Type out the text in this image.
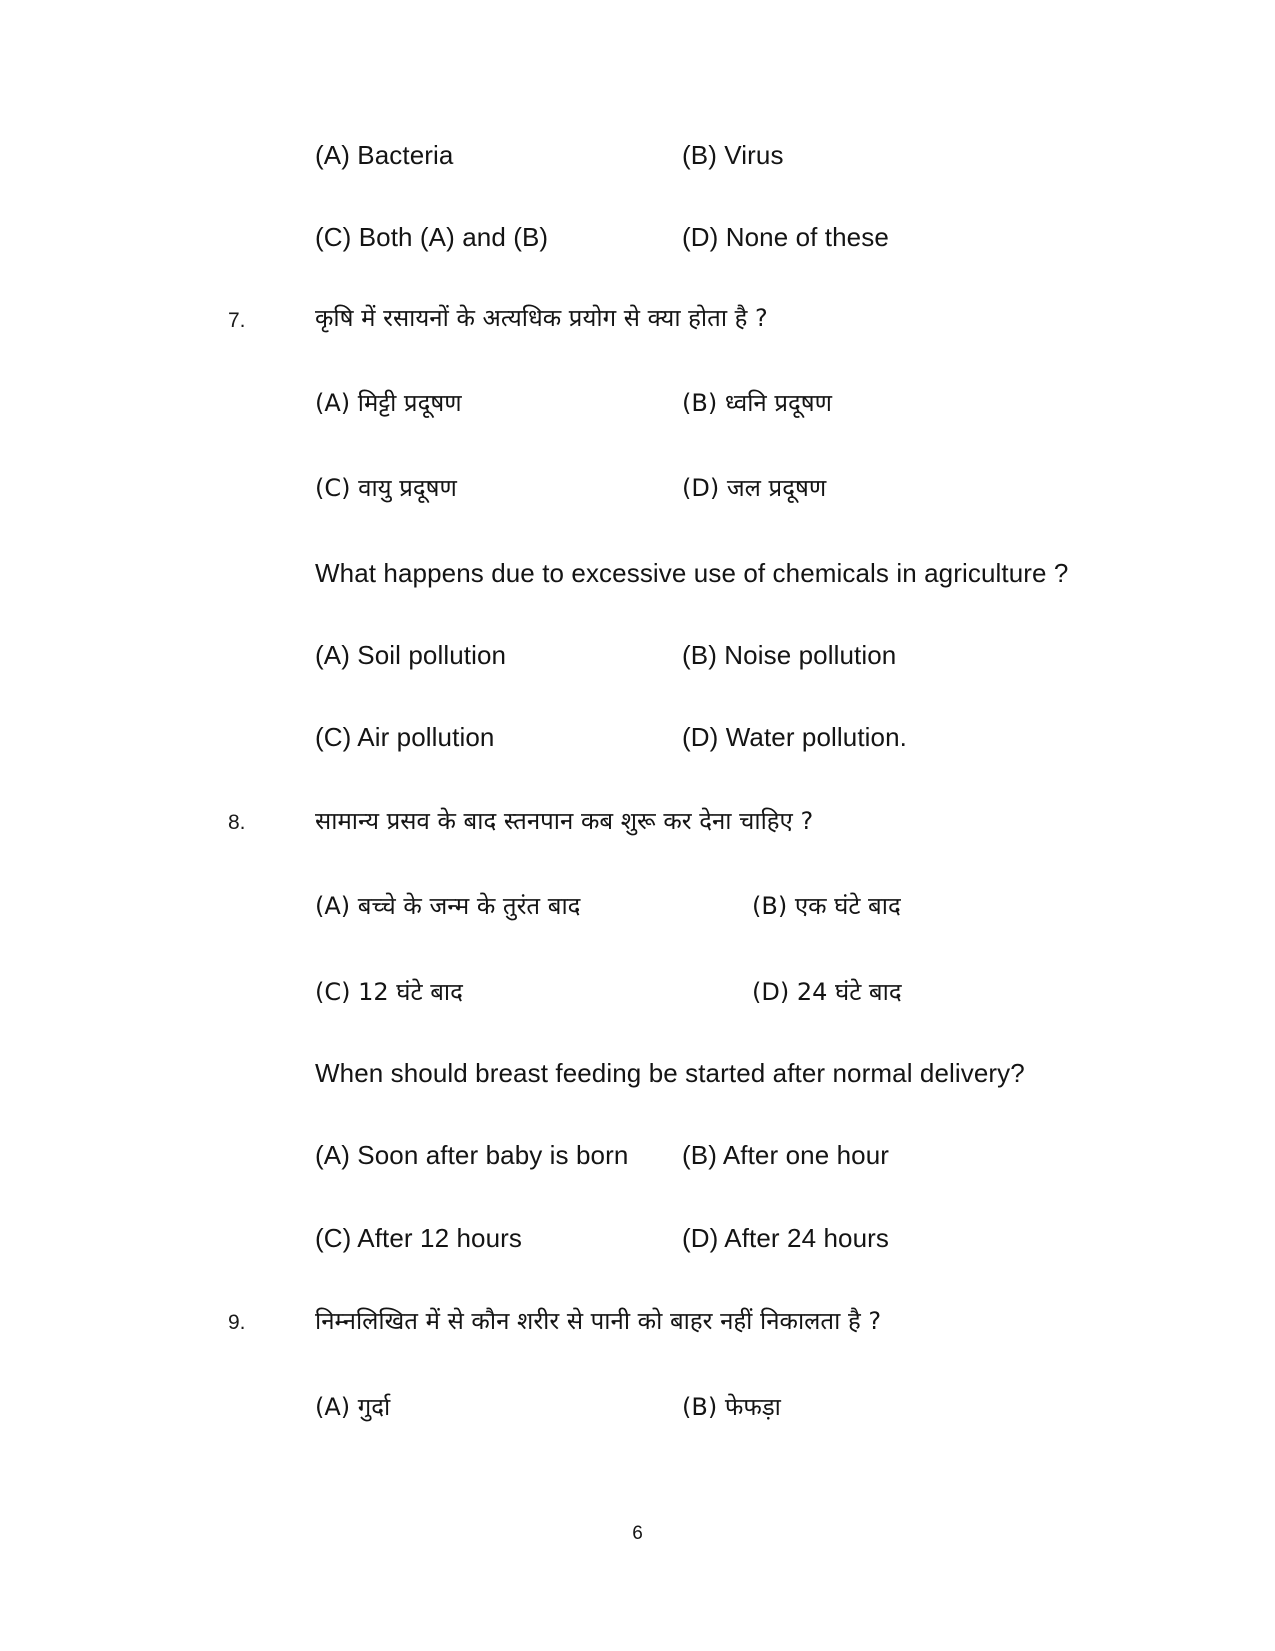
(A) Bacteria	(B) Virus
(C) Both (A) and (B)	(D) None of these
7.	कृषि में रसायनों के अत्यधिक प्रयोग से क्या होता है ?
(A) मिट्टी प्रदूषण	(B) ध्वनि प्रदूषण
(C) वायु प्रदूषण	(D) जल प्रदूषण
What happens due to excessive use of chemicals in agriculture ?
(A) Soil pollution	(B) Noise pollution
(C) Air pollution	(D) Water pollution.
8.	सामान्य प्रसव के बाद स्तनपान कब शुरू कर देना चाहिए ?
(A) बच्चे के जन्म के तुरंत बाद	(B) एक घंटे बाद
(C) 12 घंटे बाद	(D) 24 घंटे बाद
When should breast feeding be started after normal delivery?
(A) Soon after baby is born (B) After one hour
(C) After 12 hours	(D) After 24 hours
9.	निम्नलिखित में से कौन शरीर से पानी को बाहर नहीं निकालता है ?
(A) गुर्दा	(B) फेफड़ा
6
